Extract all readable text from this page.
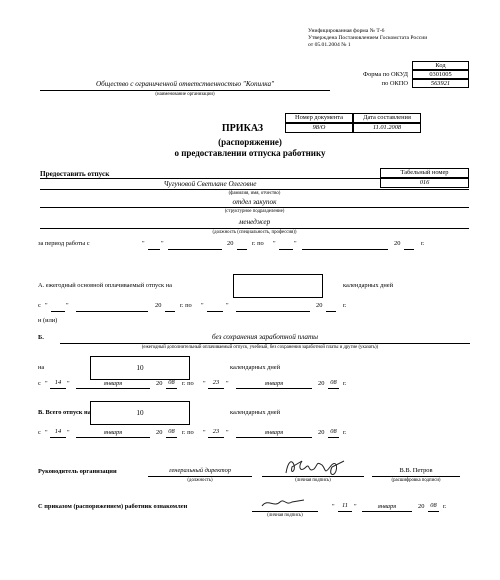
Унифицированная форма № Т-6
Утверждена Постановлением Госкомстата России
от 05.01.2004 № 1
Код
Форма по ОКУД	0301005
по ОКПО	563921
Общество с ограниченной ответственностью "Копилка"
(наименование организации)
Номер документа	Дата составления
98/О	11.01.2008
ПРИКАЗ
(распоряжение)
о предоставлении отпуска работнику
Предоставить отпуск	Табельный номер
016
Чугуновой Светлане Олеговне
(фамилия, имя, отчество)
отдел закупок
(структурное подразделение)
менеджер
(должность (специальность, профессия))
за период работы с	"	"	20	г. по "	"	20	г.
А. ежегодный основной оплачиваемый отпуск на	календарных дней
с "	"	20	г. по "	"	20	г.
н (или)
Б.	без сохранения заработной платы
(ежегодный дополнительный оплачиваемый отпуск, учебный, без сохранения заработной платы и другие (указать))
на	10	календарных дней
с "	14 "	января	20 08	г. по "	23	"	января	20 08 г.
В. Всего отпуск на	10	календарных дней
с "	14 "	января	20 08	г. по "	23	"	января	20 08 г.
Руководитель организации	генеральный директор
(должность)	(личная подпись)
В.В. Петров
(расшифровка подписи)
С приказом (распоряжением) работник ознакомлен
(личная подпись)
"	11 "	января	20 08 г.
